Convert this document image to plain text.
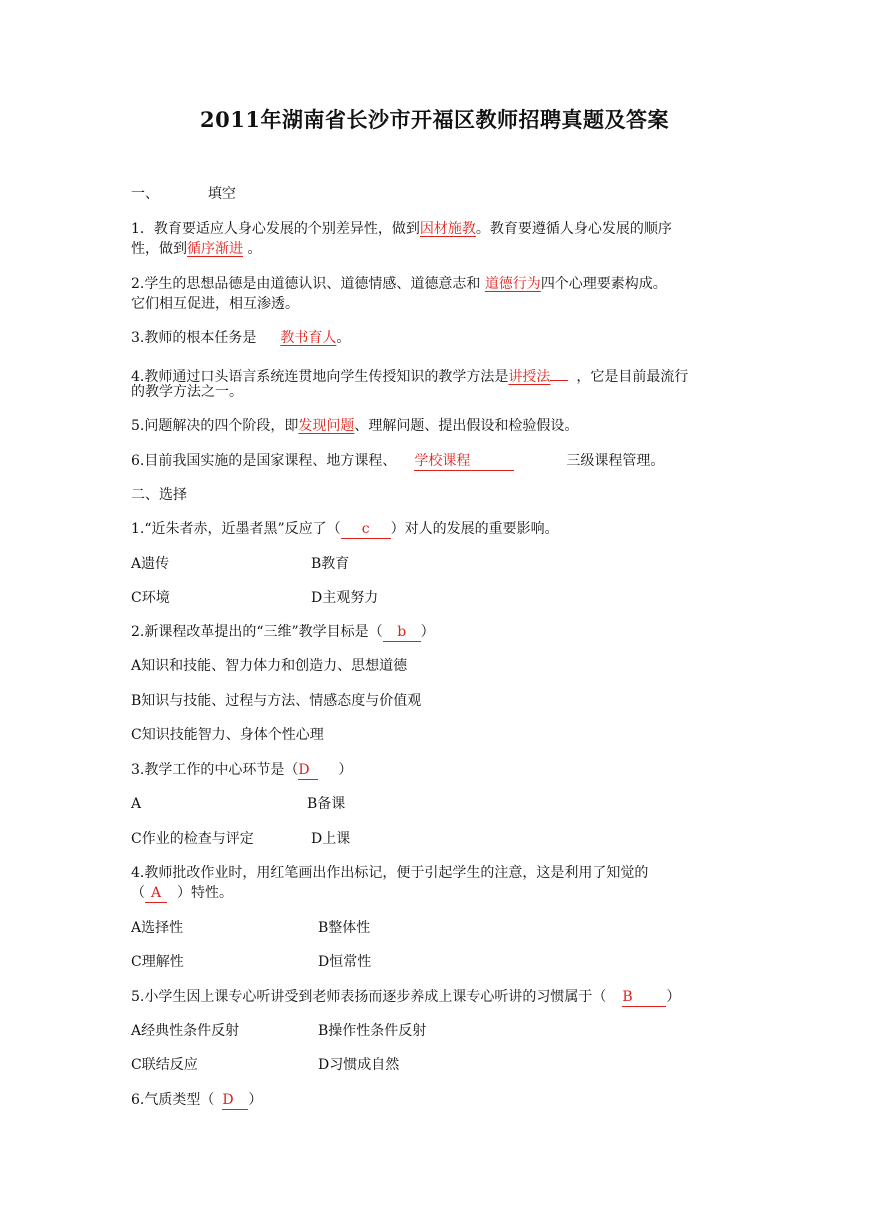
2011年湖南省长沙市开福区教师招聘真题及答案
一、	填空
1．教育要适应人身心发展的个别差异性，做到因材施教。教育要遵循人身心发展的顺序
性，做到循序渐进 。
2.学生的思想品德是由道德认识、道德情感、道德意志和 道德行为四个心理要素构成。
它们相互促进，相互渗透。
3.教师的根本任务是 教书育人。
4.教师通过口头语言系统连贯地向学生传授知识的教学方法是讲授法 ，它是目前最流行
的教学方法之一。
5.问题解决的四个阶段，即发现问题、理解问题、提出假设和检验假设。
6.目前我国实施的是国家课程、地方课程、 学校课程	三级课程管理。
二、选择
1.“近朱者赤，近墨者黑”反应了（ c ）对人的发展的重要影响。
A遗传	B教育
C环境	D主观努力
2.新课程改革提出的“三维”教学目标是（ b ）
A知识和技能、智力体力和创造力、思想道德
B知识与技能、过程与方法、情感态度与价值观
C知识技能智力、身体个性心理
3.教学工作的中心环节是（D ）
A	B备课
C作业的检查与评定	D上课
4.教师批改作业时，用红笔画出作出标记，便于引起学生的注意，这是利用了知觉的
（ A ）特性。
A选择性	B整体性
C理解性	D恒常性
5.小学生因上课专心听讲受到老师表扬而逐步养成上课专心听讲的习惯属于（ B ）
A经典性条件反射	B操作性条件反射
C联结反应	D习惯成自然
6.气质类型（ D ）
